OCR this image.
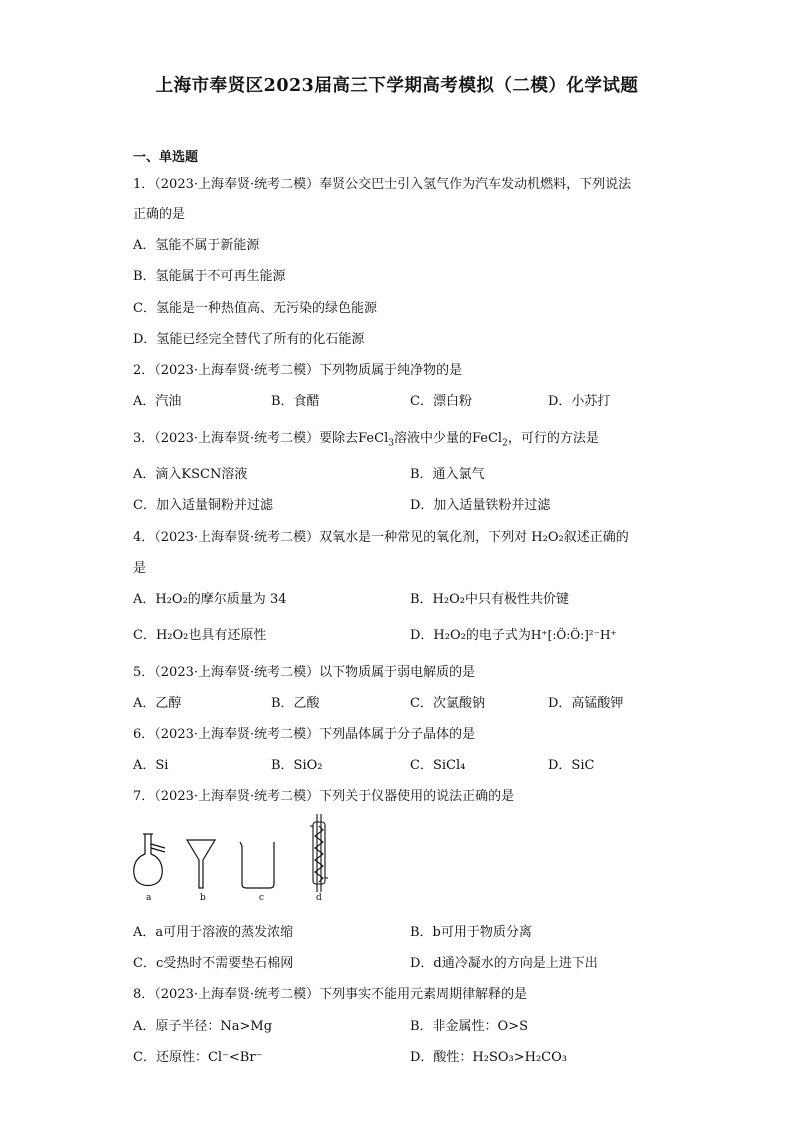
上海市奉贤区2023届高三下学期高考模拟（二模）化学试题
一、单选题
1．（2023·上海奉贤·统考二模）奉贤公交巴士引入氢气作为汽车发动机燃料，下列说法
正确的是
A．氢能不属于新能源
B．氢能属于不可再生能源
C．氢能是一种热值高、无污染的绿色能源
D．氢能已经完全替代了所有的化石能源
2．（2023·上海奉贤·统考二模）下列物质属于纯净物的是
A．汽油	B．食醋	C．漂白粉	D．小苏打
3．（2023·上海奉贤·统考二模）要除去FeCl$_3$溶液中少量的FeCl$_2$，可行的方法是
A．滴入KSCN溶液	B．通入氯气
C．加入适量铜粉并过滤	D．加入适量铁粉并过滤
4．（2023·上海奉贤·统考二模）双氧水是一种常见的氧化剂，下列对 H₂O₂叙述正确的
是
A．H₂O₂的摩尔质量为 34	B．H₂O₂中只有极性共价键
C．H₂O₂也具有还原性	D．H₂O₂的电子式为H⁺[:Ö:Ö:]²⁻H⁺
5．（2023·上海奉贤·统考二模）以下物质属于弱电解质的是
A．乙醇	B．乙酸	C．次氯酸钠	D．高锰酸钾
6．（2023·上海奉贤·统考二模）下列晶体属于分子晶体的是
A．Si	B．SiO₂	C．SiCl₄	D．SiC
7．（2023·上海奉贤·统考二模）下列关于仪器使用的说法正确的是
a	b	c	d
A．a可用于溶液的蒸发浓缩	B．b可用于物质分离
C．c受热时不需要垫石棉网	D．d通冷凝水的方向是上进下出
8．（2023·上海奉贤·统考二模）下列事实不能用元素周期律解释的是
A．原子半径：Na>Mg	B．非金属性：O>S
C．还原性：Cl⁻<Br⁻	D．酸性：H₂SO₃>H₂CO₃
